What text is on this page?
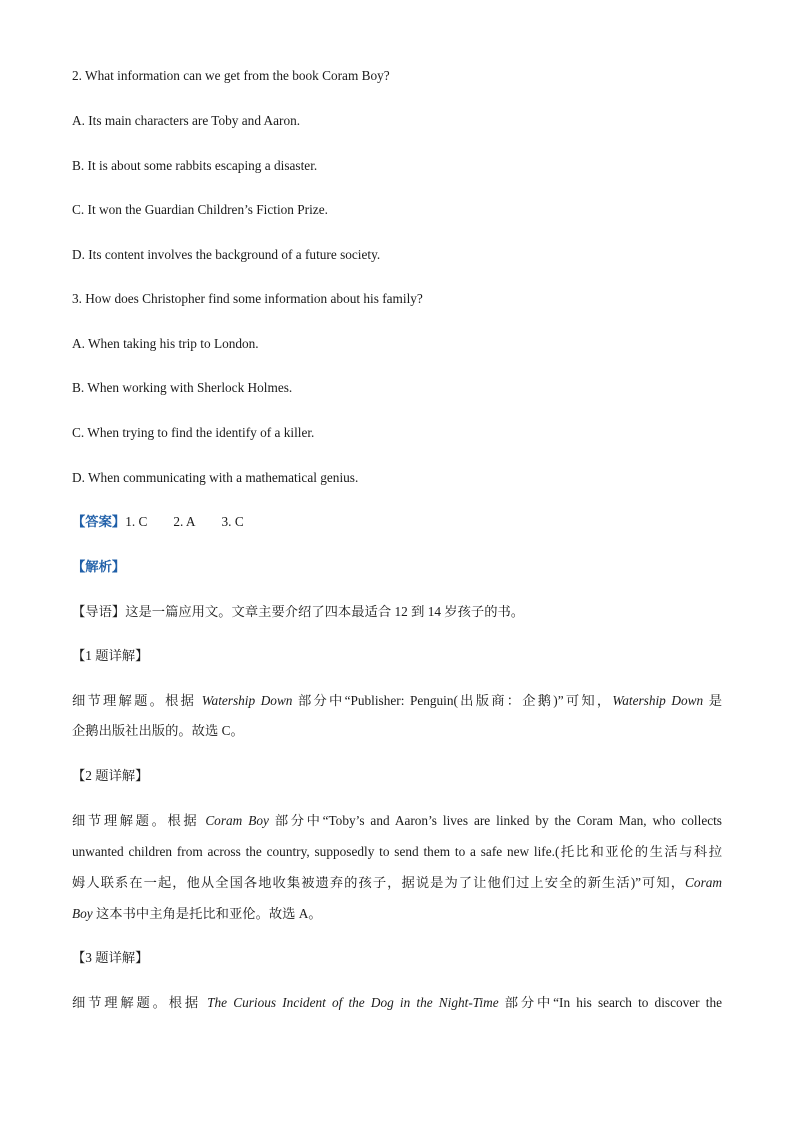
2. What information can we get from the book Coram Boy?
A. Its main characters are Toby and Aaron.
B. It is about some rabbits escaping a disaster.
C. It won the Guardian Children’s Fiction Prize.
D. Its content involves the background of a future society.
3. How does Christopher find some information about his family?
A. When taking his trip to London.
B. When working with Sherlock Holmes.
C. When trying to find the identify of a killer.
D. When communicating with a mathematical genius.
【答案】1. C 2. A 3. C
【解析】
【导语】这是一篇应用文。文章主要介绍了四本最适合 12 到 14 岁孩子的书。
【1 题详解】
细节理解题。根据 Watership Down 部分中“Publisher: Penguin(出版商：企鹅)”可知，Watership Down 是
企鹅出版社出版的。故选 C。
【2 题详解】
细节理解题。根据 Coram Boy 部分中“Toby’s and Aaron’s lives are linked by the Coram Man, who collects
unwanted children from across the country, supposedly to send them to a safe new life.(托比和亚伦的生活与科拉
姆人联系在一起，他从全国各地收集被遗弃的孩子，据说是为了让他们过上安全的新生活)”可知，Coram
Boy 这本书中主角是托比和亚伦。故选 A。
【3 题详解】
细节理解题。根据 The Curious Incident of the Dog in the Night-Time 部分中“In his search to discover the
